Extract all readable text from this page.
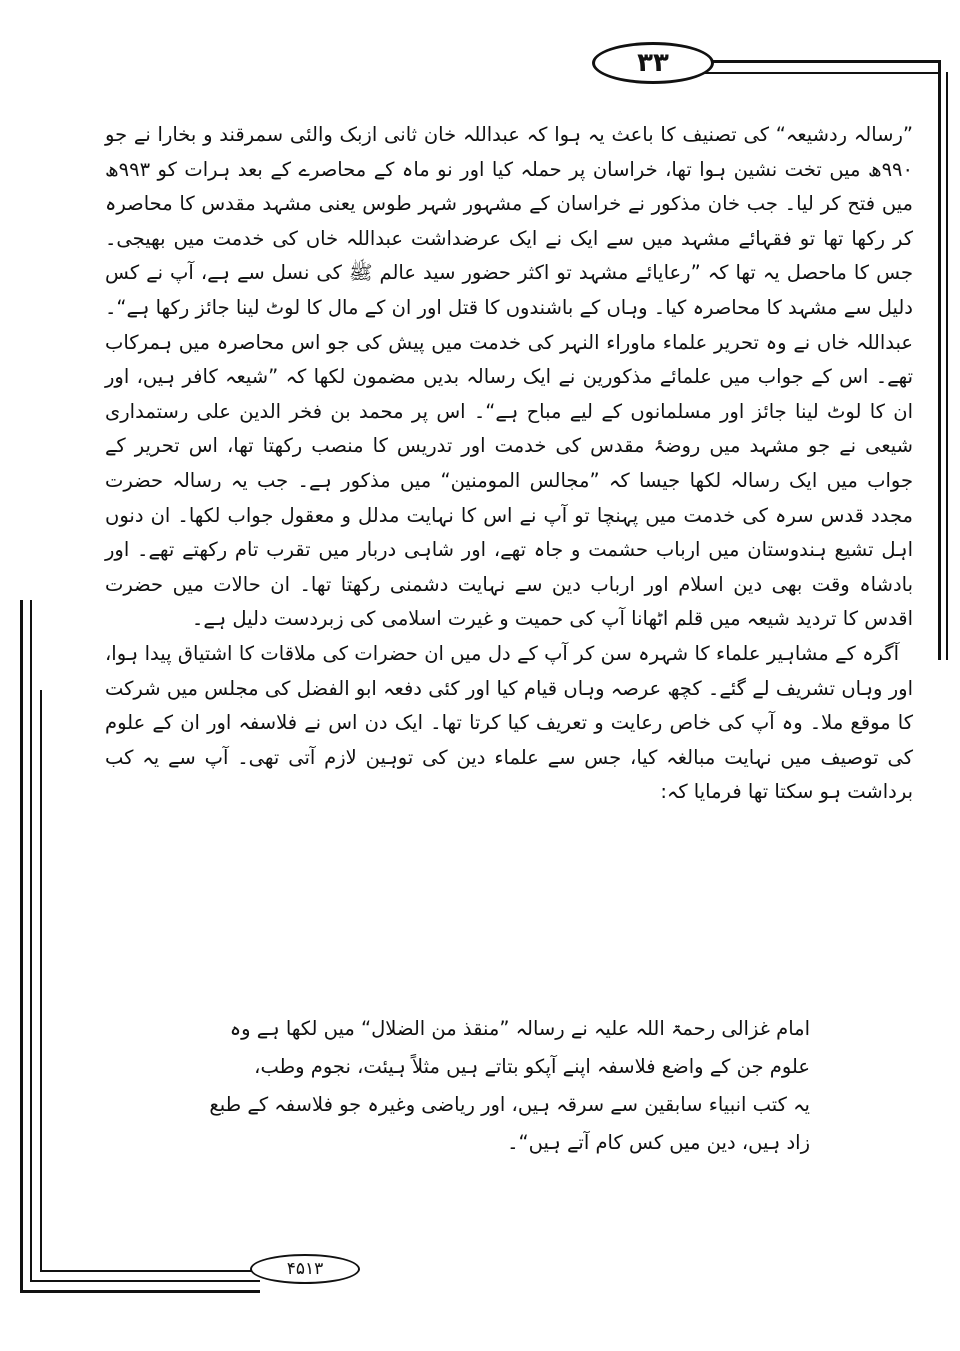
۳۳

”رسالہ ردشیعہ“ کی تصنیف کا باعث یہ ہوا کہ عبداللہ خان ثانی ازبک والئی سمرقند و بخارا نے جو ۹۹۰ھ میں تخت نشین ہوا تھا، خراسان پر حملہ کیا اور نو ماہ کے محاصرے کے بعد ہرات کو ۹۹۳ھ میں فتح کر لیا۔ جب خان مذکور نے خراسان کے مشہور شہر طوس یعنی مشہد مقدس کا محاصرہ کر رکھا تھا تو فقہائے مشہد میں سے ایک نے ایک عرضداشت عبداللہ خاں کی خدمت میں بھیجی۔ جس کا ماحصل یہ تھا کہ ”رعایائے مشہد تو اکثر حضور سید عالم ﷺ کی نسل سے ہے، آپ نے کس دلیل سے مشہد کا محاصرہ کیا۔ وہاں کے باشندوں کا قتل اور ان کے مال کا لوٹ لینا جائز رکھا ہے“۔ عبداللہ خاں نے وہ تحریر علماء ماوراء النہر کی خدمت میں پیش کی جو اس محاصرہ میں ہمرکاب تھے۔ اس کے جواب میں علمائے مذکورین نے ایک رسالہ بدیں مضمون لکھا کہ ”شیعہ کافر ہیں، اور ان کا لوٹ لینا جائز اور مسلمانوں کے لیے مباح ہے“۔ اس پر محمد بن فخر الدین علی رستمداری شیعی نے جو مشہد میں روضۂ مقدس کی خدمت اور تدریس کا منصب رکھتا تھا، اس تحریر کے جواب میں ایک رسالہ لکھا جیسا کہ ”مجالس المومنین“ میں مذکور ہے۔ جب یہ رسالہ حضرت مجدد قدس سرہ کی خدمت میں پہنچا تو آپ نے اس کا نہایت مدلل و معقول جواب لکھا۔ ان دنوں اہل تشیع ہندوستان میں ارباب حشمت و جاہ تھے، اور شاہی دربار میں تقرب تام رکھتے تھے۔ اور بادشاہ وقت بھی دین اسلام اور ارباب دین سے نہایت دشمنی رکھتا تھا۔ ان حالات میں حضرت اقدس کا تردید شیعہ میں قلم اٹھانا آپ کی حمیت و غیرت اسلامی کی زبردست دلیل ہے۔

آگرہ کے مشاہیر علماء کا شہرہ سن کر آپ کے دل میں ان حضرات کی ملاقات کا اشتیاق پیدا ہوا، اور وہاں تشریف لے گئے۔ کچھ عرصہ وہاں قیام کیا اور کئی دفعہ ابو الفضل کی مجلس میں شرکت کا موقع ملا۔ وہ آپ کی خاص رعایت و تعریف کیا کرتا تھا۔ ایک دن اس نے فلاسفہ اور ان کے علوم کی توصیف میں نہایت مبالغہ کیا، جس سے علماء دین کی توہین لازم آتی تھی۔ آپ سے یہ کب برداشت ہو سکتا تھا فرمایا کہ:

امام غزالی رحمۃ اللہ علیہ نے رسالہ ”منقذ من الضلال“ میں لکھا ہے وہ
علوم جن کے واضع فلاسفہ اپنے آپکو بتاتے ہیں مثلاً ہیئت، نجوم وطب،
یہ کتب انبیاء سابقین سے سرقہ ہیں، اور ریاضی وغیرہ جو فلاسفہ کے طبع
زاد ہیں، دین میں کس کام آتے ہیں“۔
۴۵۱۳
